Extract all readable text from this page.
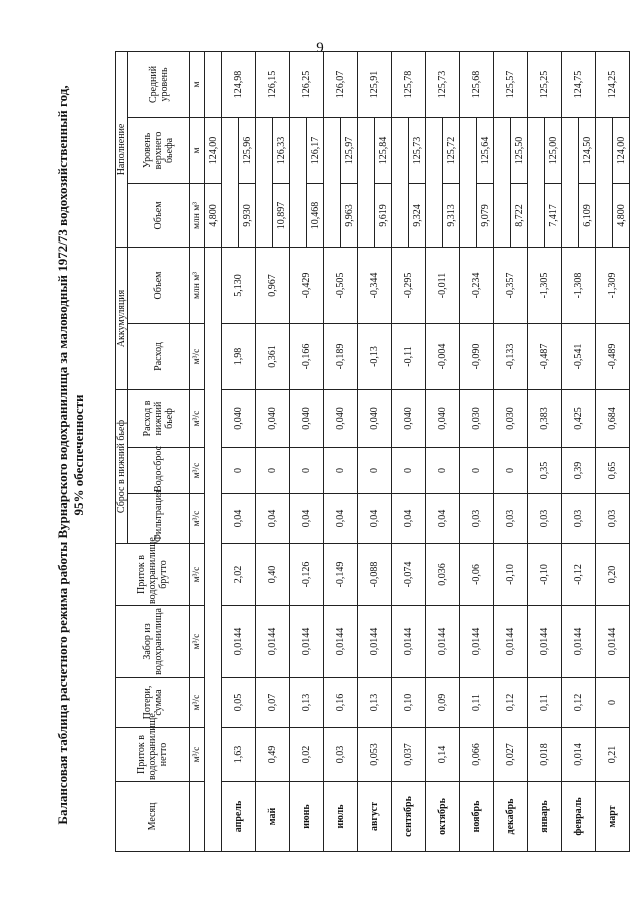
9
Балансовая таблица расчетного режима работы Вурнарского водохранилища за маловодный 1972/73 водохозяйственный год, 95% обеспеченности
Месяц	Приток в водохранилище, нетто	Потери, сумма	Забор из водохранилища	Приток в водохранилище, брутто	Сброс в нижний бьеф			Аккумуляция		Наполнение		
					Фильтрация	Водосброс	Расход в нижний бьеф	Расход	Объем	Объем	Уровень верхнего бьефа	Средний уровень
	м³/с	м³/с	м³/с	м³/с	м³/с	м³/с	м³/с	м³/с	млн м³	млн м³	м	м
										4,800	124,00	
апрель	1,63	0,05	0,0144	2,02	0,04	0	0,040	1,98	5,130			124,98
										9,930	125,96	
май	0,49	0,07	0,0144	0,40	0,04	0	0,040	0,361	0,967			126,15
										10,897	126,33	
июнь	0,02	0,13	0,0144	-0,126	0,04	0	0,040	-0,166	-0,429			126,25
										10,468	126,17	
июль	0,03	0,16	0,0144	-0,149	0,04	0	0,040	-0,189	-0,505			126,07
										9,963	125,97	
август	0,053	0,13	0,0144	-0,088	0,04	0	0,040	-0,13	-0,344			125,91
										9,619	125,84	
сентябрь	0,037	0,10	0,0144	-0,074	0,04	0	0,040	-0,11	-0,295			125,78
										9,324	125,73	
октябрь	0,14	0,09	0,0144	0,036	0,04	0	0,040	-0,004	-0,011			125,73
										9,313	125,72	
ноябрь	0,066	0,11	0,0144	-0,06	0,03	0	0,030	-0,090	-0,234			125,68
										9,079	125,64	
декабрь	0,027	0,12	0,0144	-0,10	0,03	0	0,030	-0,133	-0,357			125,57
										8,722	125,50	
январь	0,018	0,11	0,0144	-0,10	0,03	0,35	0,383	-0,487	-1,305			125,25
										7,417	125,00	
февраль	0,014	0,12	0,0144	-0,12	0,03	0,39	0,425	-0,541	-1,308			124,75
										6,109	124,50	
март	0,21	0	0,0144	0,20	0,03	0,65	0,684	-0,489	-1,309			124,25
										4,800	124,00	
